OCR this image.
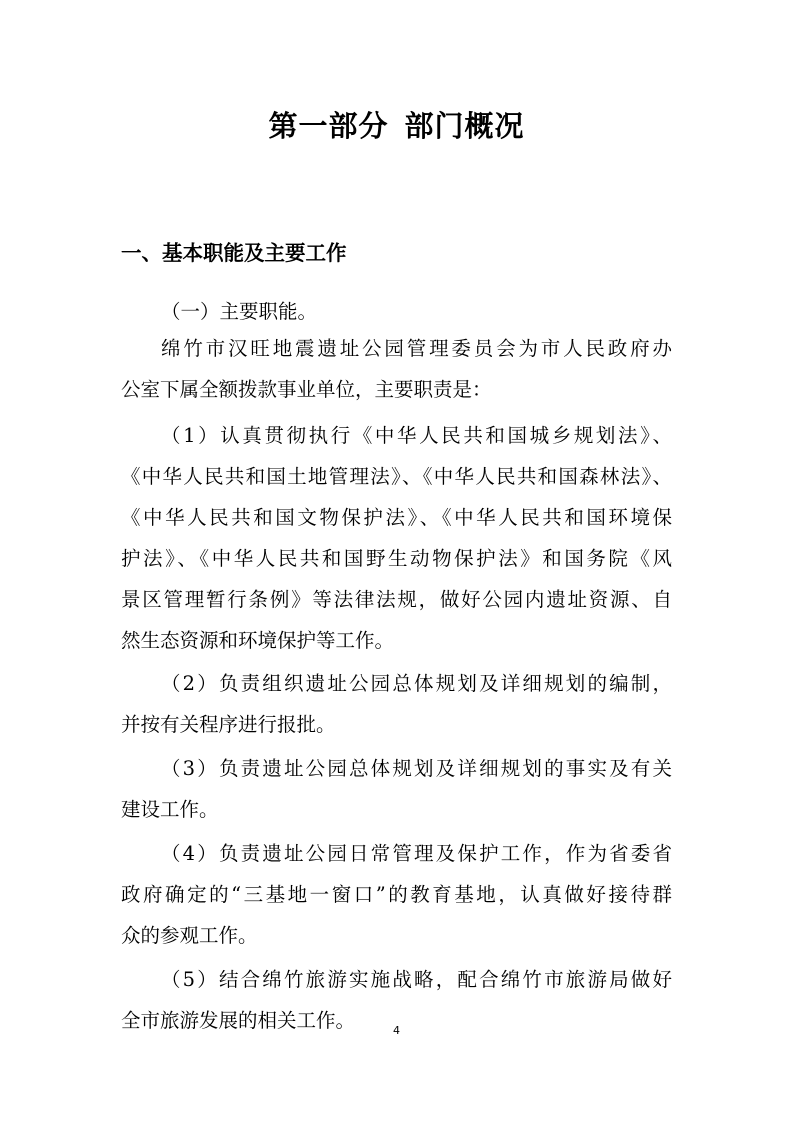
第一部分 部门概况
一、基本职能及主要工作
（一）主要职能。
绵竹市汉旺地震遗址公园管理委员会为市人民政府办
公室下属全额拨款事业单位，主要职责是：
（1）认真贯彻执行《中华人民共和国城乡规划法》、
《中华人民共和国土地管理法》、《中华人民共和国森林法》、
《中华人民共和国文物保护法》、《中华人民共和国环境保
护法》、《中华人民共和国野生动物保护法》和国务院《风
景区管理暂行条例》等法律法规，做好公园内遗址资源、自
然生态资源和环境保护等工作。
（2）负责组织遗址公园总体规划及详细规划的编制，
并按有关程序进行报批。
（3）负责遗址公园总体规划及详细规划的事实及有关
建设工作。
（4）负责遗址公园日常管理及保护工作，作为省委省
政府确定的“三基地一窗口”的教育基地，认真做好接待群
众的参观工作。
（5）结合绵竹旅游实施战略，配合绵竹市旅游局做好
全市旅游发展的相关工作。	4
